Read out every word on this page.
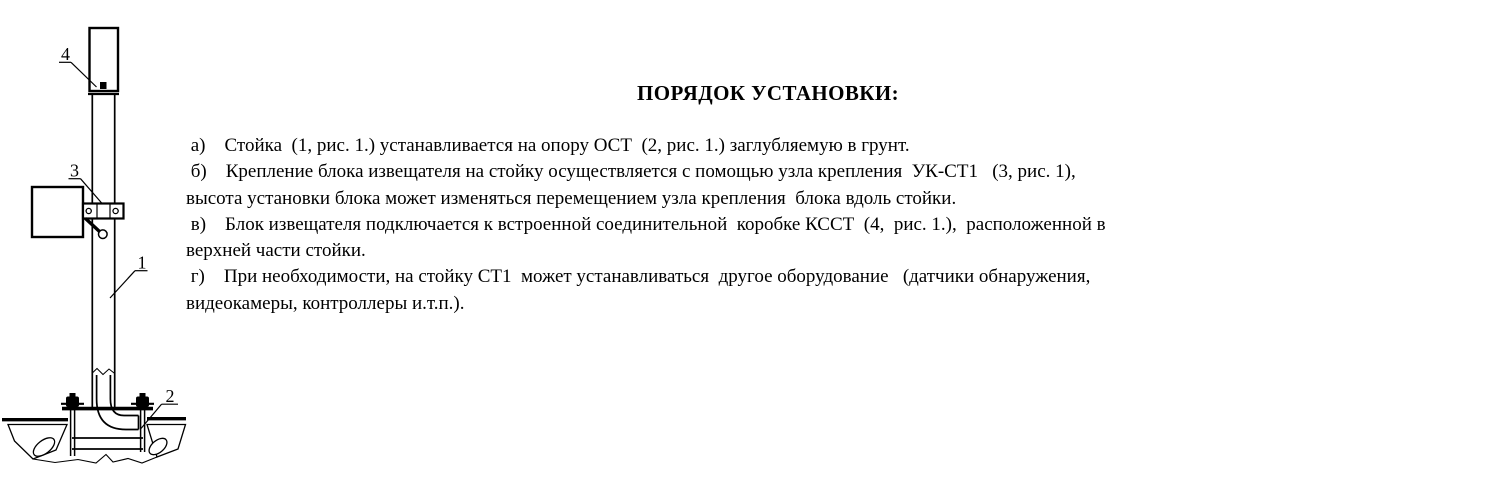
4
3
1
2
ПОРЯДОК УСТАНОВКИ:
а)    Стойка  (1, рис. 1.) устанавливается на опору ОСТ  (2, рис. 1.) заглубляемую в грунт.
б)    Крепление блока извещателя на стойку осуществляется с помощью узла крепления  УК-СТ1   (3, рис. 1),
высота установки блока может изменяться перемещением узла крепления  блока вдоль стойки.
в)    Блок извещателя подключается к встроенной соединительной  коробке КССТ  (4,  рис. 1.),  расположенной в
верхней части стойки.
г)    При необходимости, на стойку СТ1  может устанавливаться  другое оборудование   (датчики обнаружения,
видеокамеры, контроллеры и.т.п.).
